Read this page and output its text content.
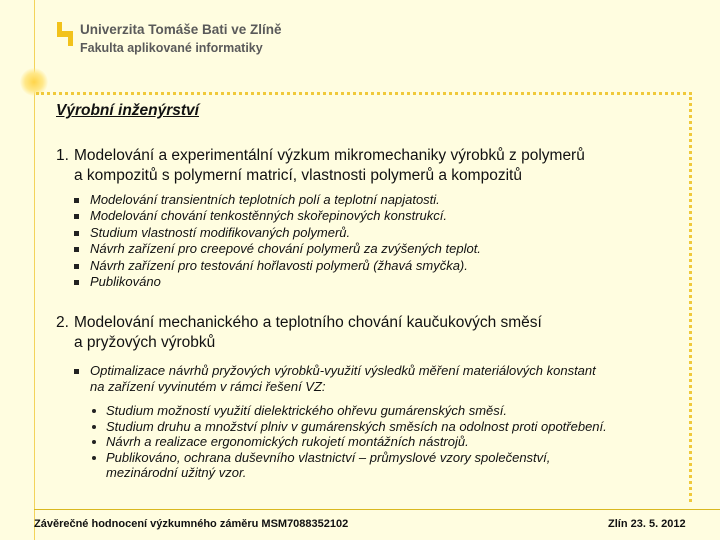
Univerzita Tomáše Bati ve Zlíně
Fakulta aplikované informatiky
Výrobní inženýrství
1. Modelování a experimentální výzkum mikromechaniky výrobků z polymerů
a kompozitů s polymerní matricí, vlastnosti polymerů a kompozitů
Modelování transientních teplotních polí a teplotní napjatosti.
Modelování chování tenkostěnných skořepinových konstrukcí.
Studium vlastností modifikovaných polymerů.
Návrh zařízení pro creepové chování polymerů za zvýšených teplot.
Návrh zařízení pro testování hořlavosti polymerů (žhavá smyčka).
Publikováno
2. Modelování mechanického a teplotního chování kaučukových směsí
a pryžových výrobků
Optimalizace návrhů pryžových výrobků-využití výsledků měření materiálových konstant
na zařízení vyvinutém v rámci řešení VZ:
Studium možností využití dielektrického ohřevu gumárenských směsí.
Studium druhu a množství plniv v gumárenských směsích na odolnost proti opotřebení.
Návrh a realizace ergonomických rukojetí montážních nástrojů.
Publikováno, ochrana duševního vlastnictví – průmyslové vzory společenství,
mezinárodní užitný vzor.
Závěrečné hodnocení výzkumného záměru MSM7088352102	Zlín 23. 5. 2012
